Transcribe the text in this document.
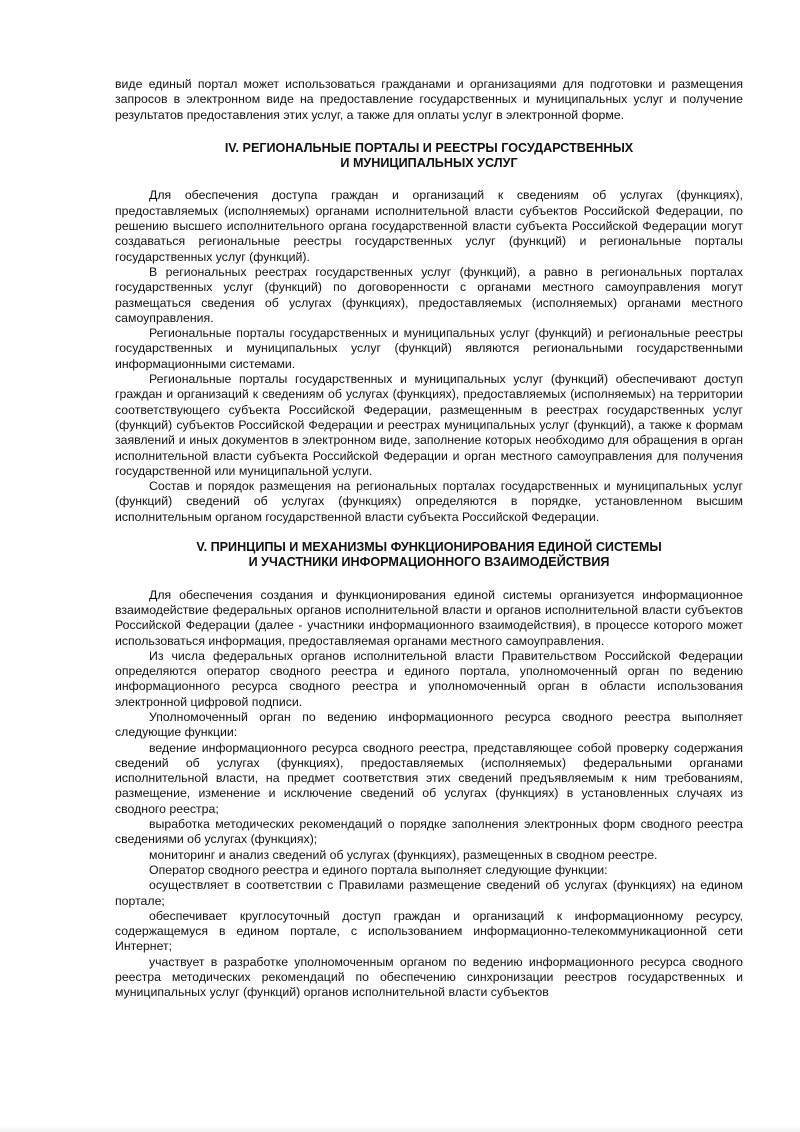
виде единый портал может использоваться гражданами и организациями для подготовки и размещения запросов в электронном виде на предоставление государственных и муниципальных услуг и получение результатов предоставления этих услуг, а также для оплаты услуг в электронной форме.

IV. РЕГИОНАЛЬНЫЕ ПОРТАЛЫ И РЕЕСТРЫ ГОСУДАРСТВЕННЫХ
И МУНИЦИПАЛЬНЫХ УСЛУГ

Для обеспечения доступа граждан и организаций к сведениям об услугах (функциях), предоставляемых (исполняемых) органами исполнительной власти субъектов Российской Федерации, по решению высшего исполнительного органа государственной власти субъекта Российской Федерации могут создаваться региональные реестры государственных услуг (функций) и региональные порталы государственных услуг (функций).

В региональных реестрах государственных услуг (функций), а равно в региональных порталах государственных услуг (функций) по договоренности с органами местного самоуправления могут размещаться сведения об услугах (функциях), предоставляемых (исполняемых) органами местного самоуправления.

Региональные порталы государственных и муниципальных услуг (функций) и региональные реестры государственных и муниципальных услуг (функций) являются региональными государственными информационными системами.

Региональные порталы государственных и муниципальных услуг (функций) обеспечивают доступ граждан и организаций к сведениям об услугах (функциях), предоставляемых (исполняемых) на территории соответствующего субъекта Российской Федерации, размещенным в реестрах государственных услуг (функций) субъектов Российской Федерации и реестрах муниципальных услуг (функций), а также к формам заявлений и иных документов в электронном виде, заполнение которых необходимо для обращения в орган исполнительной власти субъекта Российской Федерации и орган местного самоуправления для получения государственной или муниципальной услуги.

Состав и порядок размещения на региональных порталах государственных и муниципальных услуг (функций) сведений об услугах (функциях) определяются в порядке, установленном высшим исполнительным органом государственной власти субъекта Российской Федерации.

V. ПРИНЦИПЫ И МЕХАНИЗМЫ ФУНКЦИОНИРОВАНИЯ ЕДИНОЙ СИСТЕМЫ
И УЧАСТНИКИ ИНФОРМАЦИОННОГО ВЗАИМОДЕЙСТВИЯ

Для обеспечения создания и функционирования единой системы организуется информационное взаимодействие федеральных органов исполнительной власти и органов исполнительной власти субъектов Российской Федерации (далее - участники информационного взаимодействия), в процессе которого может использоваться информация, предоставляемая органами местного самоуправления.

Из числа федеральных органов исполнительной власти Правительством Российской Федерации определяются оператор сводного реестра и единого портала, уполномоченный орган по ведению информационного ресурса сводного реестра и уполномоченный орган в области использования электронной цифровой подписи.

Уполномоченный орган по ведению информационного ресурса сводного реестра выполняет следующие функции:

ведение информационного ресурса сводного реестра, представляющее собой проверку содержания сведений об услугах (функциях), предоставляемых (исполняемых) федеральными органами исполнительной власти, на предмет соответствия этих сведений предъявляемым к ним требованиям, размещение, изменение и исключение сведений об услугах (функциях) в установленных случаях из сводного реестра;

выработка методических рекомендаций о порядке заполнения электронных форм сводного реестра сведениями об услугах (функциях);

мониторинг и анализ сведений об услугах (функциях), размещенных в сводном реестре.

Оператор сводного реестра и единого портала выполняет следующие функции:

осуществляет в соответствии с Правилами размещение сведений об услугах (функциях) на едином портале;

обеспечивает круглосуточный доступ граждан и организаций к информационному ресурсу, содержащемуся в едином портале, с использованием информационно-телекоммуникационной сети Интернет;

участвует в разработке уполномоченным органом по ведению информационного ресурса сводного реестра методических рекомендаций по обеспечению синхронизации реестров государственных и муниципальных услуг (функций) органов исполнительной власти субъектов
